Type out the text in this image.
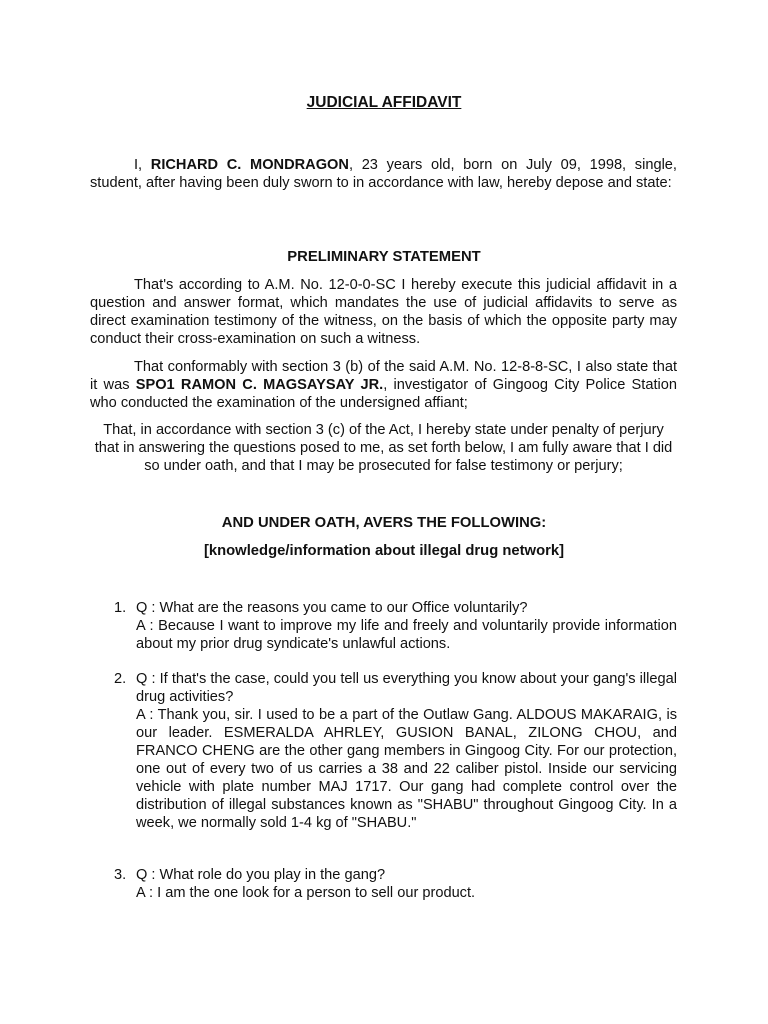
JUDICIAL AFFIDAVIT

I, RICHARD C. MONDRAGON, 23 years old, born on July 09, 1998, single, student, after having been duly sworn to in accordance with law, hereby depose and state:

PRELIMINARY STATEMENT

That's according to A.M. No. 12-0-0-SC I hereby execute this judicial affidavit in a question and answer format, which mandates the use of judicial affidavits to serve as direct examination testimony of the witness, on the basis of which the opposite party may conduct their cross-examination on such a witness.

That conformably with section 3 (b) of the said A.M. No. 12-8-8-SC, I also state that it was SPO1 RAMON C. MAGSAYSAY JR., investigator of Gingoog City Police Station who conducted the examination of the undersigned affiant;

That, in accordance with section 3 (c) of the Act, I hereby state under penalty of perjury that in answering the questions posed to me, as set forth below, I am fully aware that I did so under oath, and that I may be prosecuted for false testimony or perjury;

AND UNDER OATH, AVERS THE FOLLOWING:
[knowledge/information about illegal drug network]
1. Q : What are the reasons you came to our Office voluntarily?

A : Because I want to improve my life and freely and voluntarily provide information about my prior drug syndicate's unlawful actions.

2. Q : If that's the case, could you tell us everything you know about your gang's illegal drug activities?

A : Thank you, sir. I used to be a part of the Outlaw Gang. ALDOUS MAKARAIG, is our leader. ESMERALDA AHRLEY, GUSION BANAL, ZILONG CHOU, and FRANCO CHENG are the other gang members in Gingoog City. For our protection, one out of every two of us carries a 38 and 22 caliber pistol. Inside our servicing vehicle with plate number MAJ 1717. Our gang had complete control over the distribution of illegal substances known as "SHABU" throughout Gingoog City. In a week, we normally sold 1-4 kg of "SHABU."

3. Q : What role do you play in the gang?

A : I am the one look for a person to sell our product.
